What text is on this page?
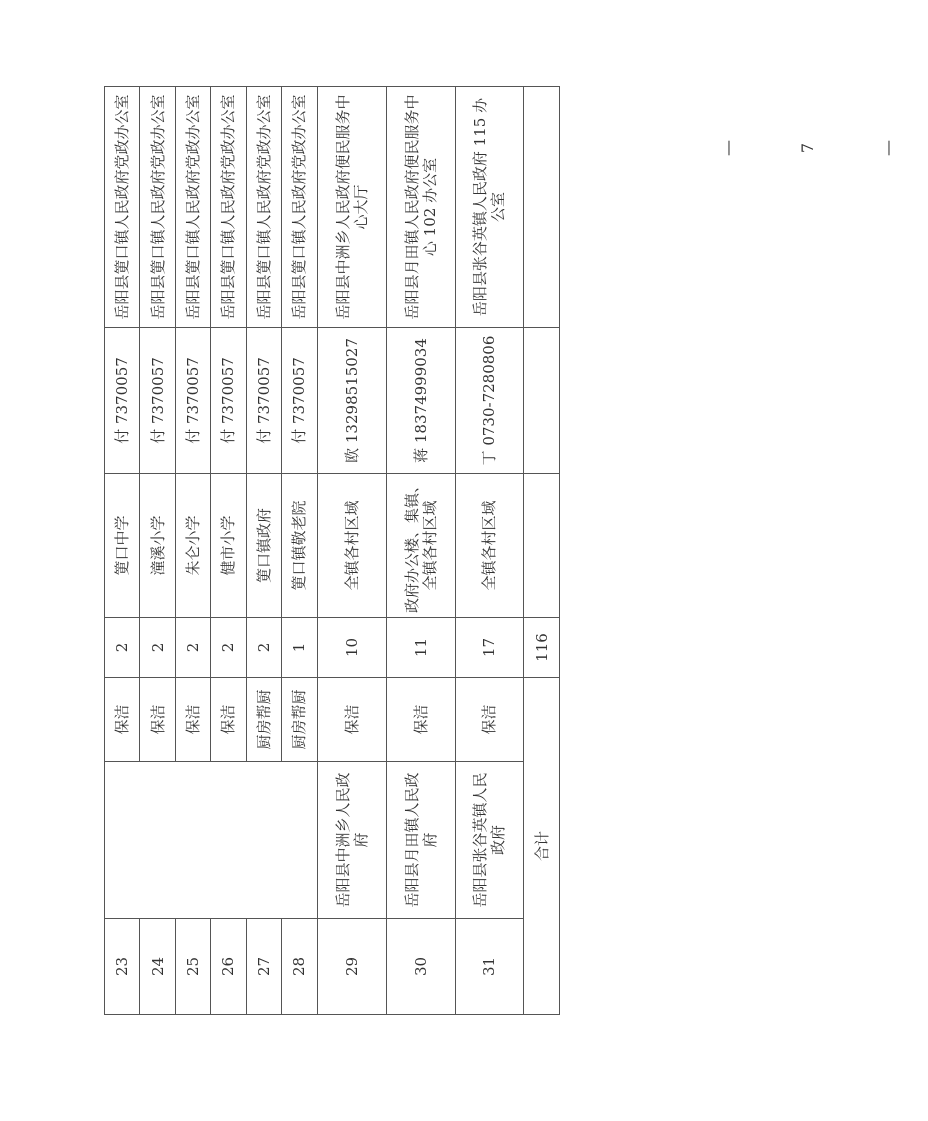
— 7 —
23		保洁	2	筻口中学	付 7370057	岳阳县筻口镇人民政府党政办公室
24		保洁	2	潼溪小学	付 7370057	岳阳县筻口镇人民政府党政办公室
25		保洁	2	朱仑小学	付 7370057	岳阳县筻口镇人民政府党政办公室
26		保洁	2	健市小学	付 7370057	岳阳县筻口镇人民政府党政办公室
27		厨房帮厨	2	筻口镇政府	付 7370057	岳阳县筻口镇人民政府党政办公室
28		厨房帮厨	1	筻口镇敬老院	付 7370057	岳阳县筻口镇人民政府党政办公室
29	岳阳县中洲乡人民政府	保洁	10	全镇各村区域	欧 13298515027	岳阳县中洲乡人民政府便民服务中心大厅
30	岳阳县月田镇人民政府	保洁	11	政府办公楼、集镇、全镇各村区域	蒋 18374999034	岳阳县月田镇人民政府便民服务中心 102 办公室
31	岳阳县张谷英镇人民政府	保洁	17	全镇各村区域	丁 0730-7280806	岳阳县张谷英镇人民政府 115 办公室
合计			116			
